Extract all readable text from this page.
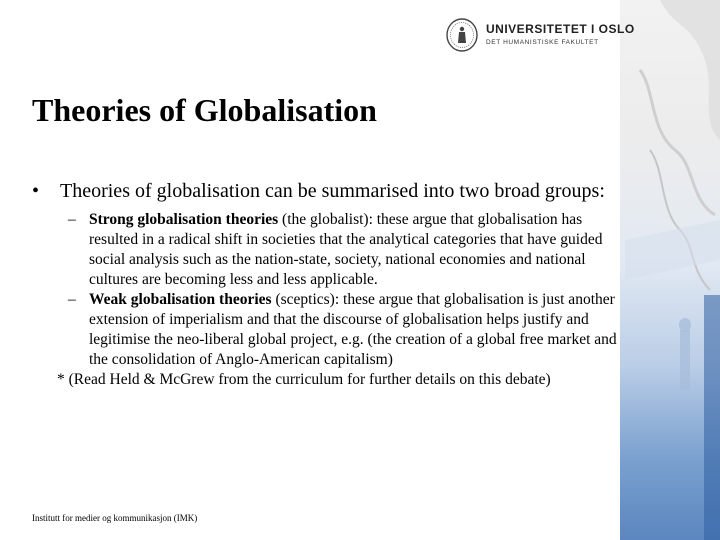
UNIVERSITETET I OSLO
DET HUMANISTISKE FAKULTET
Theories of Globalisation
• Theories of globalisation can be summarised into two broad groups:
– Strong globalisation theories (the globalist): these argue that globalisation has resulted in a radical shift in societies that the analytical categories that have guided social analysis such as the nation-state, society, national economies and national cultures are becoming less and less applicable.
– Weak globalisation theories (sceptics): these argue that globalisation is just another extension of imperialism and that the discourse of globalisation helps justify and legitimise the neo-liberal global project, e.g. (the creation of a global free market and the consolidation of Anglo-American capitalism)
* (Read Held & McGrew from the curriculum for further details on this debate)
Institutt for medier og kommunikasjon (IMK)
